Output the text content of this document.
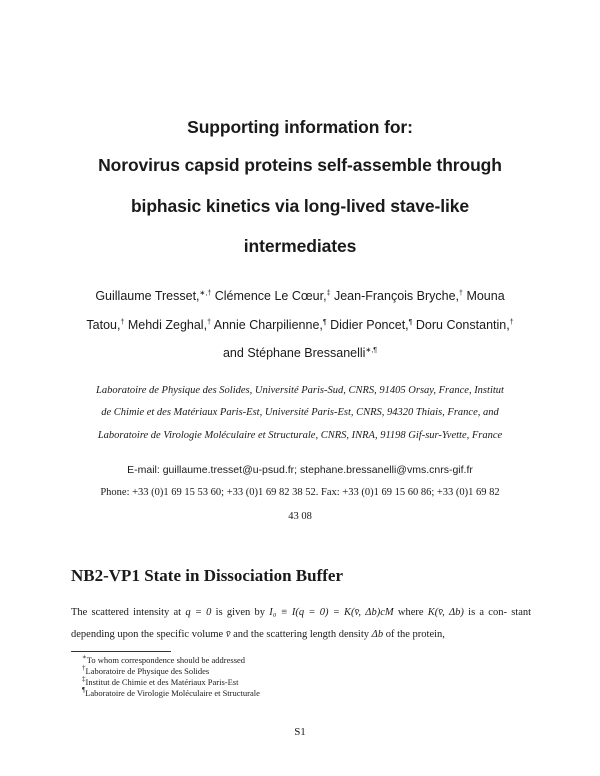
Supporting information for:
Norovirus capsid proteins self-assemble through
biphasic kinetics via long-lived stave-like
intermediates
Guillaume Tresset,∗,† Clémence Le Cœur,‡ Jean-François Bryche,† Mouna
Tatou,† Mehdi Zeghal,† Annie Charpilienne,¶ Didier Poncet,¶ Doru Constantin,†
and Stéphane Bressanelli∗,¶
Laboratoire de Physique des Solides, Université Paris-Sud, CNRS, 91405 Orsay, France, Institut
de Chimie et des Matériaux Paris-Est, Université Paris-Est, CNRS, 94320 Thiais, France, and
Laboratoire de Virologie Moléculaire et Structurale, CNRS, INRA, 91198 Gif-sur-Yvette, France
E-mail: guillaume.tresset@u-psud.fr; stephane.bressanelli@vms.cnrs-gif.fr
Phone: +33 (0)1 69 15 53 60; +33 (0)1 69 82 38 52. Fax: +33 (0)1 69 15 60 86; +33 (0)1 69 82
43 08
NB2-VP1 State in Dissociation Buffer
The scattered intensity at q = 0 is given by I₀ ≡ I(q = 0) = K(v̄, Δb)cM where K(v̄, Δb) is a con- stant depending upon the specific volume v̄ and the scattering length density Δb of the protein,
∗To whom correspondence should be addressed
†Laboratoire de Physique des Solides
‡Institut de Chimie et des Matériaux Paris-Est
¶Laboratoire de Virologie Moléculaire et Structurale
S1
